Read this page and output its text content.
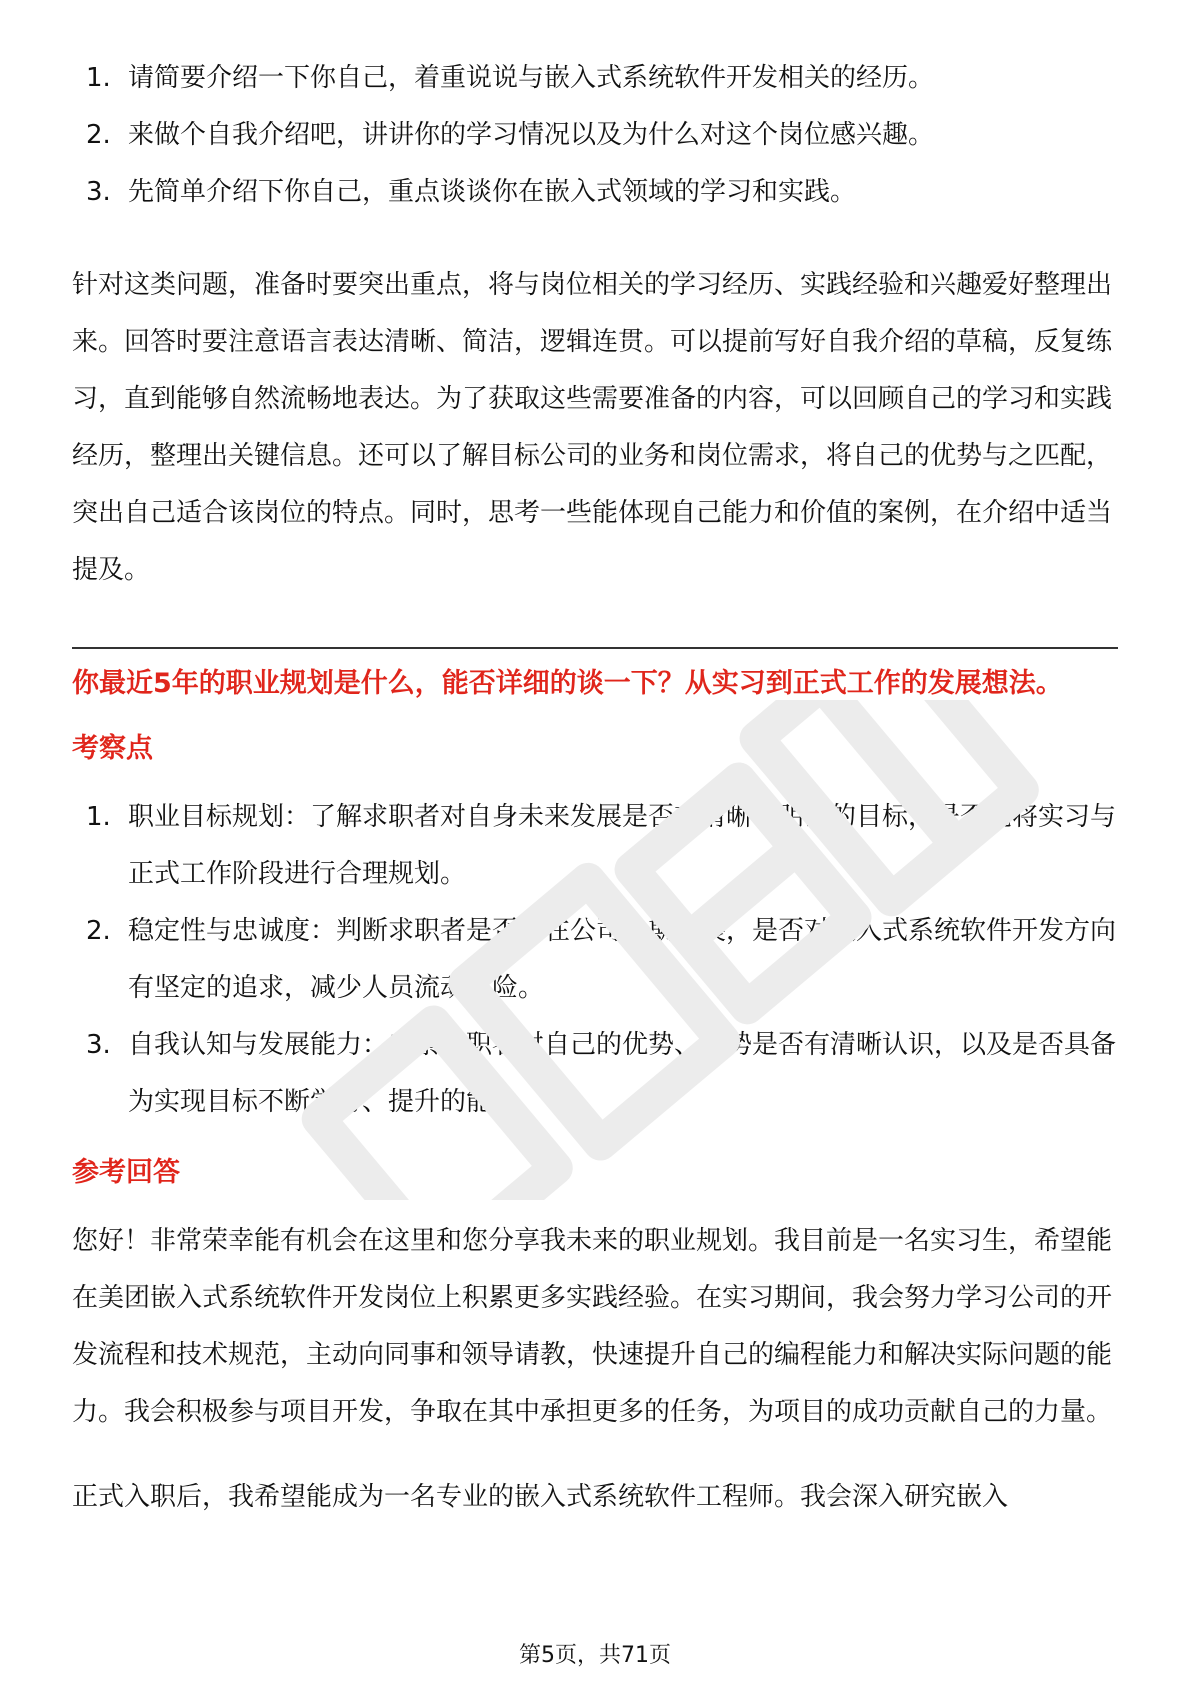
1. 请简要介绍一下你自己，着重说说与嵌入式系统软件开发相关的经历。
2. 来做个自我介绍吧，讲讲你的学习情况以及为什么对这个岗位感兴趣。
3. 先简单介绍下你自己，重点谈谈你在嵌入式领域的学习和实践。

针对这类问题，准备时要突出重点，将与岗位相关的学习经历、实践经验和兴趣爱好整理出来。回答时要注意语言表达清晰、简洁，逻辑连贯。可以提前写好自我介绍的草稿，反复练习，直到能够自然流畅地表达。为了获取这些需要准备的内容，可以回顾自己的学习和实践经历，整理出关键信息。还可以了解目标公司的业务和岗位需求，将自己的优势与之匹配，突出自己适合该岗位的特点。同时，思考一些能体现自己能力和价值的案例，在介绍中适当提及。

你最近5年的职业规划是什么，能否详细的谈一下？从实习到正式工作的发展想法。

考察点

1. 职业目标规划：了解求职者对自身未来发展是否有清晰、明确的目标，是否能将实习与正式工作阶段进行合理规划。
2. 稳定性与忠诚度：判断求职者是否能在公司长期发展，是否对嵌入式系统软件开发方向有坚定的追求，减少人员流动风险。
3. 自我认知与发展能力：考察求职者对自己的优势、劣势是否有清晰认识，以及是否具备为实现目标不断学习、提升的能力。

参考回答

您好！非常荣幸能有机会在这里和您分享我未来的职业规划。我目前是一名实习生，希望能在美团嵌入式系统软件开发岗位上积累更多实践经验。在实习期间，我会努力学习公司的开发流程和技术规范，主动向同事和领导请教，快速提升自己的编程能力和解决实际问题的能力。我会积极参与项目开发，争取在其中承担更多的任务，为项目的成功贡献自己的力量。

正式入职后，我希望能成为一名专业的嵌入式系统软件工程师。我会深入研究嵌入

第5页，共71页
